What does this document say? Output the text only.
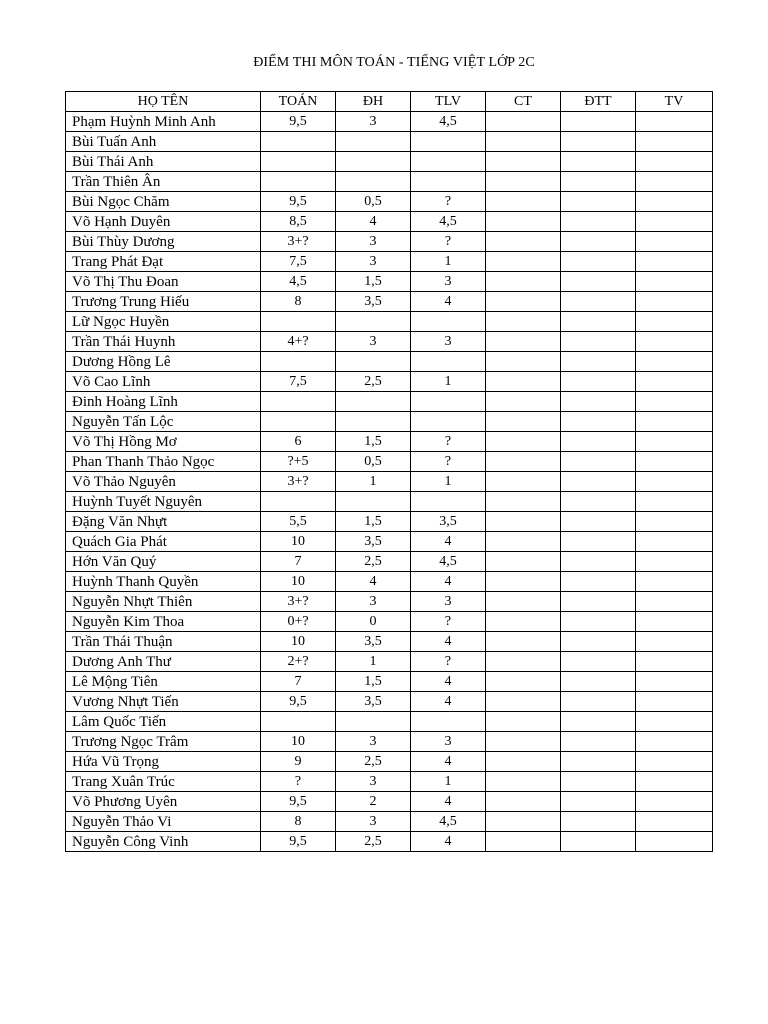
ĐIỂM THI MÔN TOÁN - TIẾNG VIỆT LỚP 2C
HỌ TÊN	TOÁN	ĐH	TLV	CT	ĐTT	TV
Phạm Huỳnh Minh Anh	9,5	3	4,5			
Bùi Tuấn Anh						
Bùi Thái Anh						
Trần Thiên Ân						
Bùi Ngọc Chăm	9,5	0,5	?			
Võ Hạnh Duyên	8,5	4	4,5			
Bùi Thùy Dương	3+?	3	?			
Trang Phát Đạt	7,5	3	1			
Võ Thị Thu Đoan	4,5	1,5	3			
Trương Trung Hiếu	8	3,5	4			
Lữ Ngọc Huyền						
Trần Thái Huynh	4+?	3	3			
Dương Hồng Lê						
Võ Cao Lĩnh	7,5	2,5	1			
Đinh Hoàng Lĩnh						
Nguyễn Tấn Lộc						
Võ Thị Hồng Mơ	6	1,5	?			
Phan Thanh Thảo Ngọc	?+5	0,5	?			
Võ Thảo Nguyên	3+?	1	1			
Huỳnh Tuyết Nguyên						
Đặng Văn Nhựt	5,5	1,5	3,5			
Quách Gia Phát	10	3,5	4			
Hớn Văn Quý	7	2,5	4,5			
Huỳnh Thanh Quyền	10	4	4			
Nguyễn Nhựt Thiên	3+?	3	3			
Nguyễn Kim Thoa	0+?	0	?			
Trần Thái Thuận	10	3,5	4			
Dương Anh Thư	2+?	1	?			
Lê Mộng Tiên	7	1,5	4			
Vương Nhựt Tiến	9,5	3,5	4			
Lâm Quốc Tiến						
Trương Ngọc Trâm	10	3	3			
Hứa Vũ Trọng	9	2,5	4			
Trang Xuân Trúc	?	3	1			
Võ Phương Uyên	9,5	2	4			
Nguyễn Thảo Vi	8	3	4,5			
Nguyễn Công Vinh	9,5	2,5	4			
